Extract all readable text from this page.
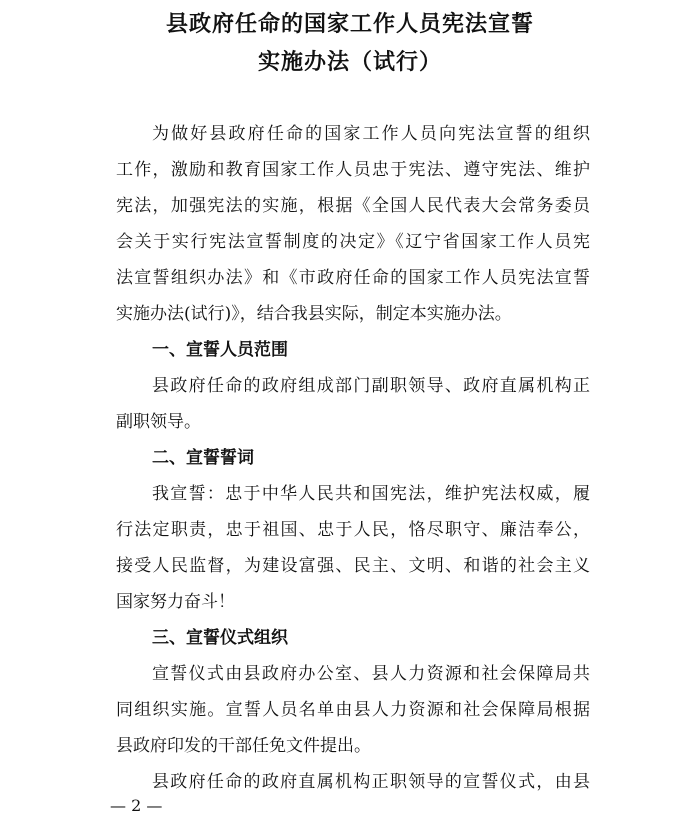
县政府任命的国家工作人员宪法宣誓
实施办法（试行）
为做好县政府任命的国家工作人员向宪法宣誓的组织
工作，激励和教育国家工作人员忠于宪法、遵守宪法、维护
宪法，加强宪法的实施，根据《全国人民代表大会常务委员
会关于实行宪法宣誓制度的决定》《辽宁省国家工作人员宪
法宣誓组织办法》和《市政府任命的国家工作人员宪法宣誓
实施办法(试行)》，结合我县实际，制定本实施办法。
一、宣誓人员范围
县政府任命的政府组成部门副职领导、政府直属机构正
副职领导。
二、宣誓誓词
我宣誓：忠于中华人民共和国宪法，维护宪法权威，履
行法定职责，忠于祖国、忠于人民，恪尽职守、廉洁奉公，
接受人民监督，为建设富强、民主、文明、和谐的社会主义
国家努力奋斗！
三、宣誓仪式组织
宣誓仪式由县政府办公室、县人力资源和社会保障局共
同组织实施。宣誓人员名单由县人力资源和社会保障局根据
县政府印发的干部任免文件提出。
县政府任命的政府直属机构正职领导的宣誓仪式，由县
— 2 —
